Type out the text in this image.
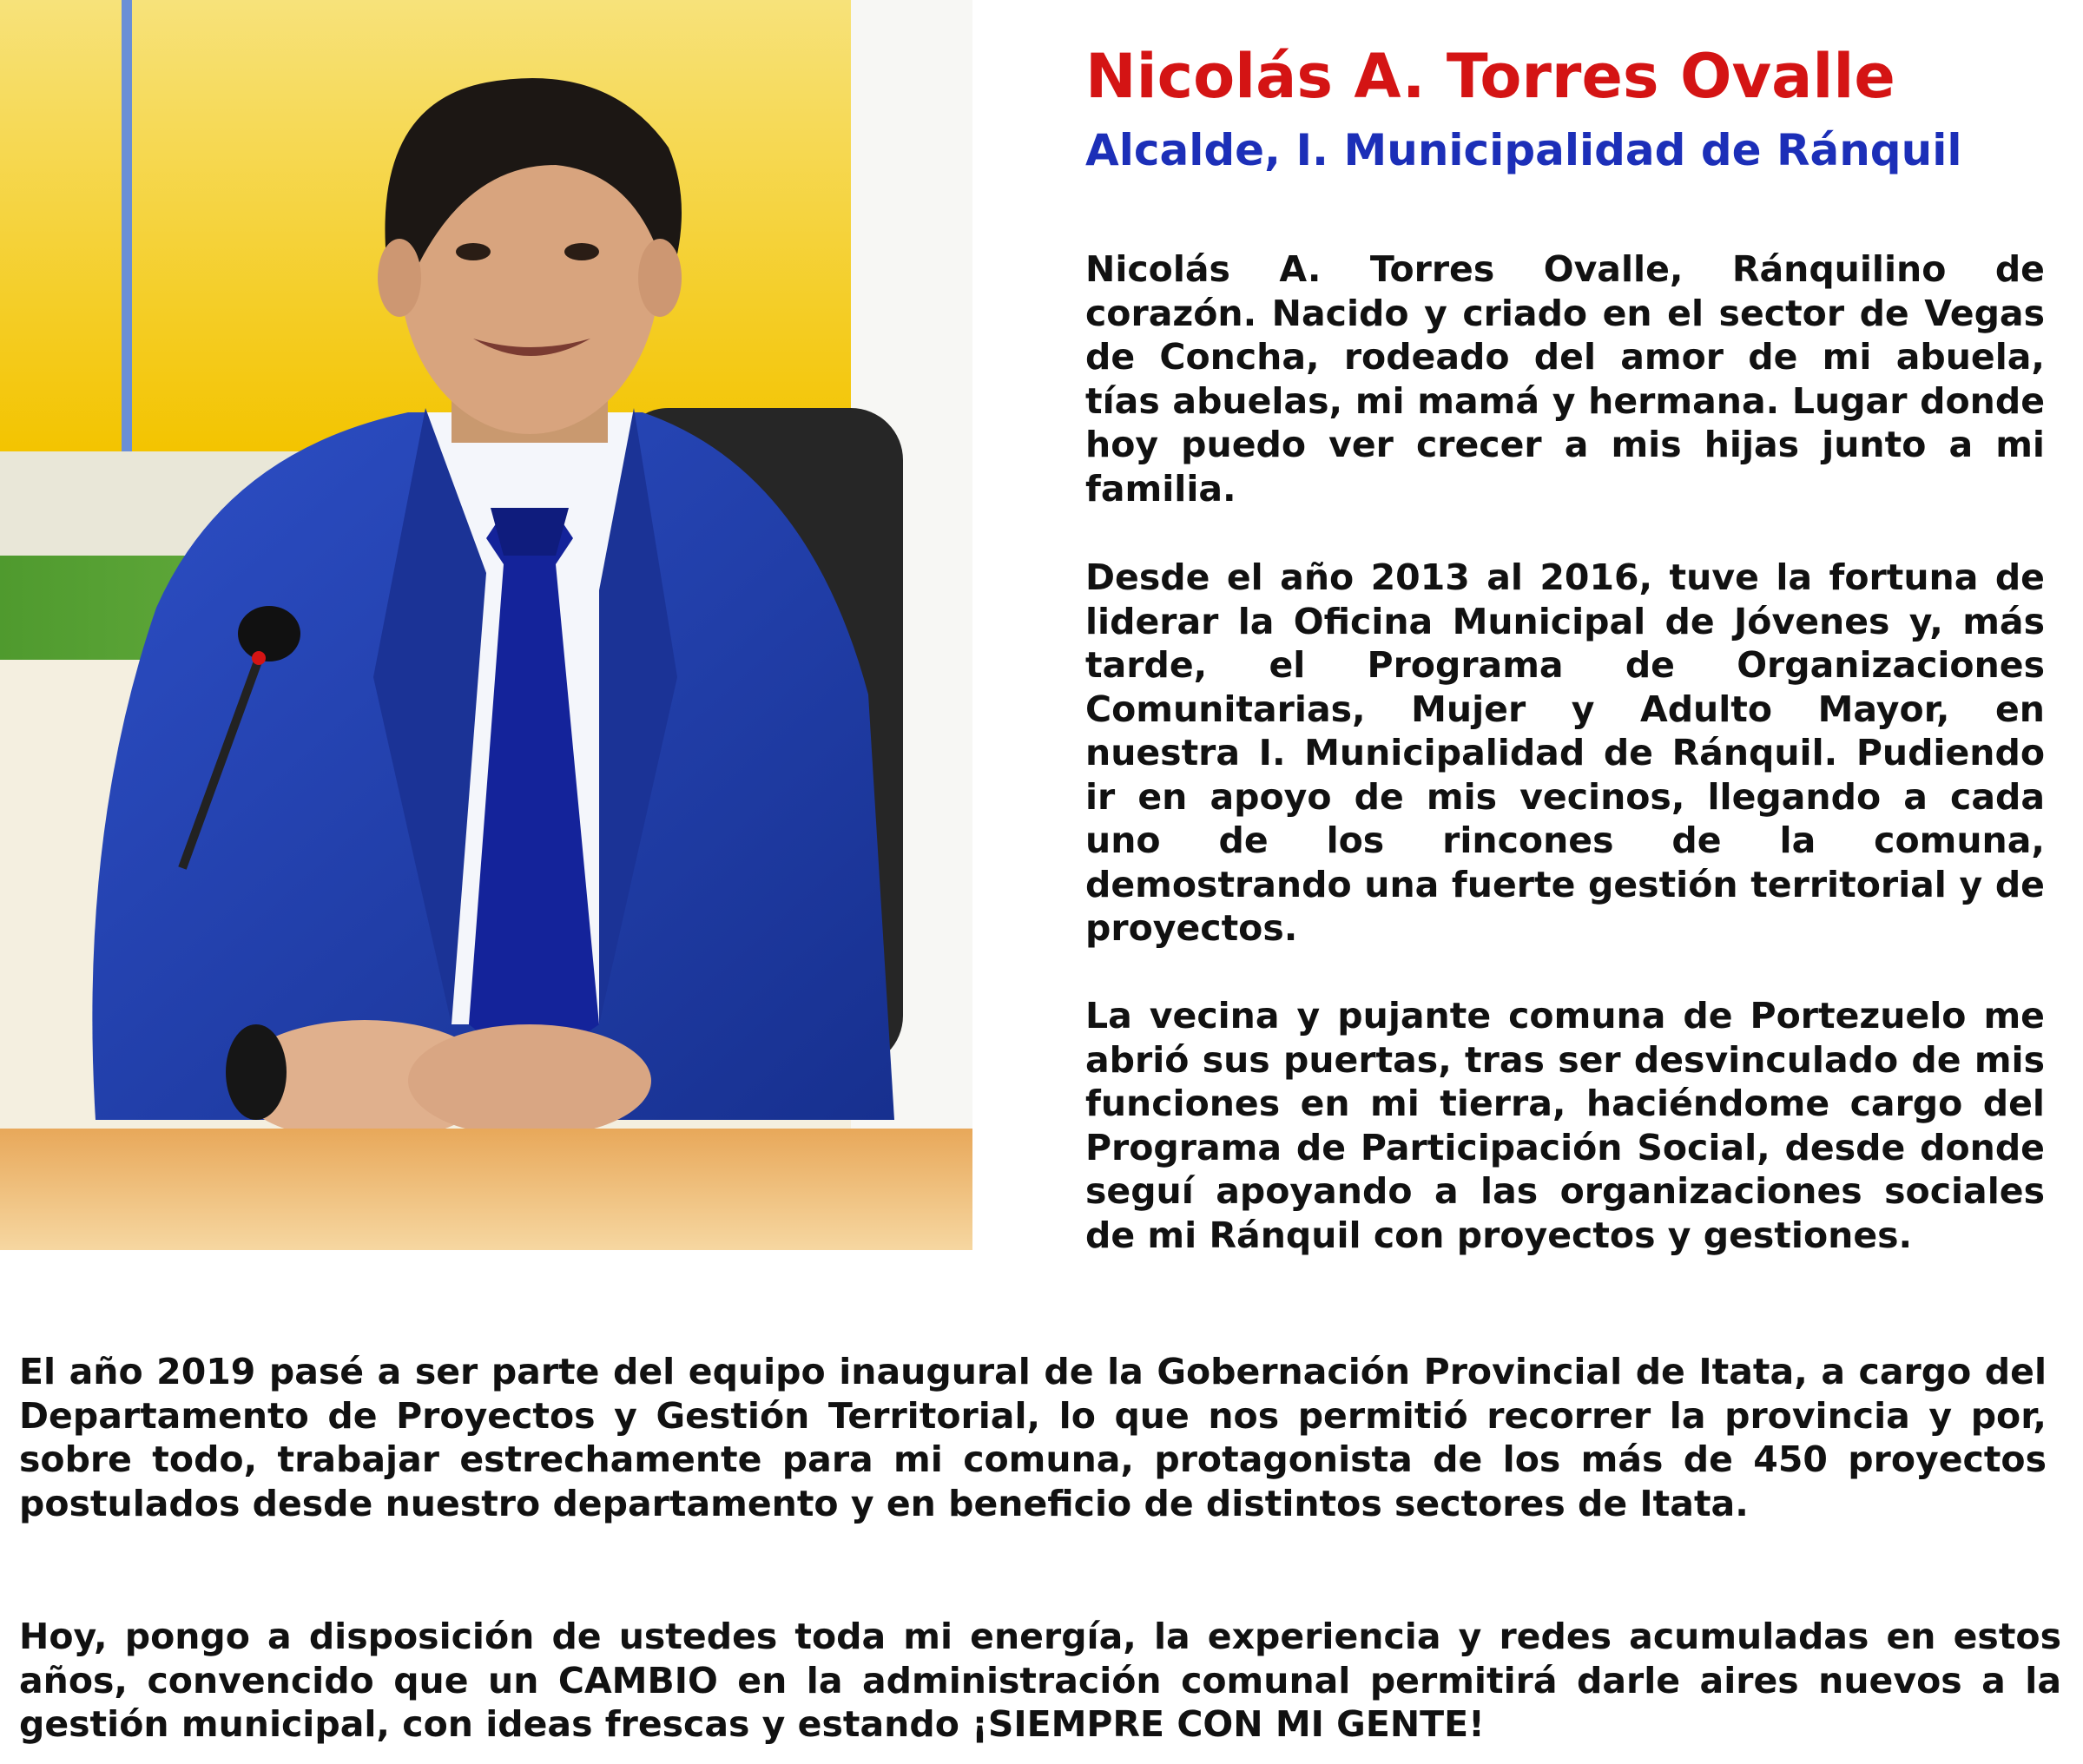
Nicolás A. Torres Ovalle
Alcalde, I. Municipalidad de Ránquil

Nicolás A. Torres Ovalle, Ránquilino de corazón. Nacido y criado en el sector de Vegas de Concha, rodeado del amor de mi abuela, tías abuelas, mi mamá y hermana. Lugar donde hoy puedo ver crecer a mis hijas junto a mi familia.

Desde el año 2013 al 2016, tuve la fortuna de liderar la Oficina Municipal de Jóvenes y, más tarde, el Programa de Organizaciones Comunitarias, Mujer y Adulto Mayor, en nuestra I. Municipalidad de Ránquil. Pudiendo ir en apoyo de mis vecinos, llegando a cada uno de los rincones de la comuna, demostrando una fuerte gestión territorial y de proyectos.

La vecina y pujante comuna de Portezuelo me abrió sus puertas, tras ser desvinculado de mis funciones en mi tierra, haciéndome cargo del Programa de Participación Social, desde donde seguí apoyando a las organizaciones sociales de mi Ránquil con proyectos y gestiones.

El año 2019 pasé a ser parte del equipo inaugural de la Gobernación Provincial de Itata, a cargo del Departamento de Proyectos y Gestión Territorial, lo que nos permitió recorrer la provincia y por, sobre todo, trabajar estrechamente para mi comuna, protagonista de los más de 450 proyectos postulados desde nuestro departamento y en beneficio de distintos sectores de Itata.

Hoy, pongo a disposición de ustedes toda mi energía, la experiencia y redes acumuladas en estos años, convencido que un CAMBIO en la administración comunal permitirá darle aires nuevos a la gestión municipal, con ideas frescas y estando ¡SIEMPRE CON MI GENTE!
